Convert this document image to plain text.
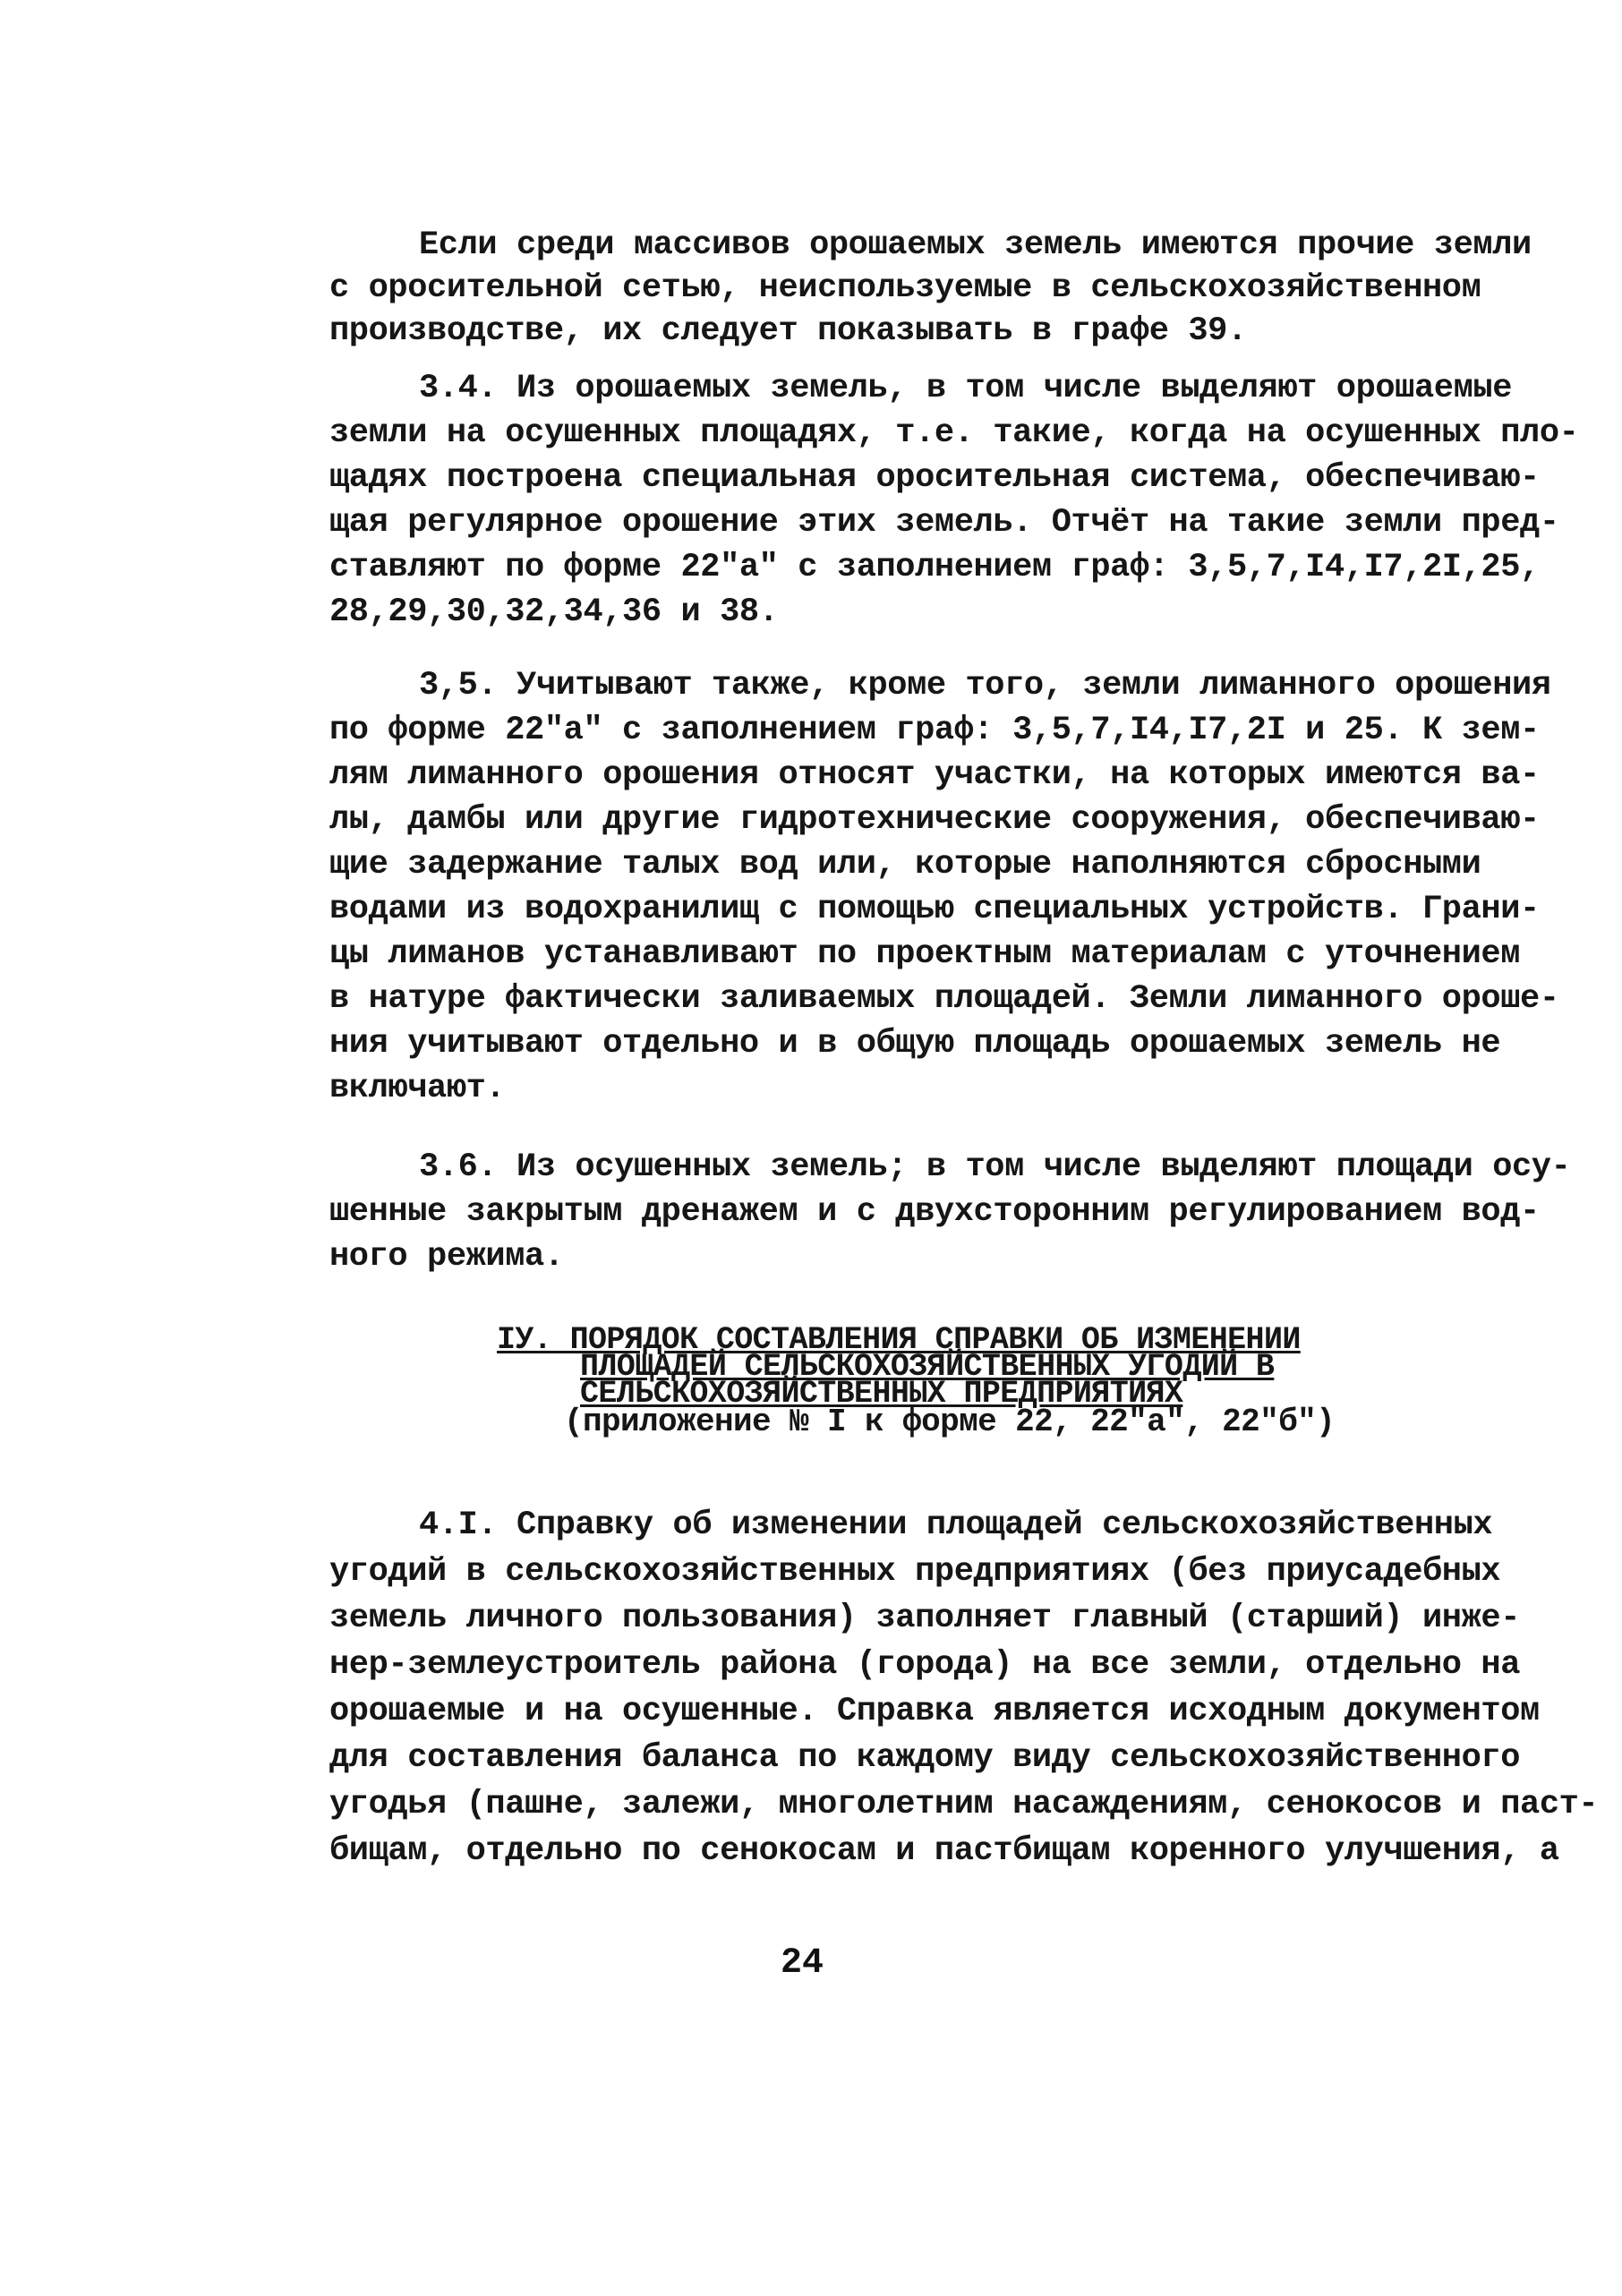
Если среди массивов орошаемых земель имеются прочие земли
с оросительной сетью, неиспользуемые в сельскохозяйственном
производстве, их следует показывать в графе 39.
3.4. Из орошаемых земель, в том числе выделяют орошаемые
земли на осушенных площадях, т.е. такие, когда на осушенных пло-
щадях построена специальная оросительная система, обеспечиваю-
щая регулярное орошение этих земель. Отчёт на такие земли пред-
ставляют по форме 22"а" с заполнением граф: 3,5,7,I4,I7,2I,25,
28,29,30,32,34,36 и 38.
3,5. Учитывают также, кроме того, земли лиманного орошения
по форме 22"а" с заполнением граф: 3,5,7,I4,I7,2I и 25. К зем-
лям лиманного орошения относят участки, на которых имеются ва-
лы, дамбы или другие гидротехнические сооружения, обеспечиваю-
щие задержание талых вод или, которые наполняются сбросными
водами из водохранилищ с помощью специальных устройств. Грани-
цы лиманов устанавливают по проектным материалам с уточнением
в натуре фактически заливаемых площадей. Земли лиманного ороше-
ния учитывают отдельно и в общую площадь орошаемых земель не
включают.
3.6. Из осушенных земель; в том числе выделяют площади осу-
шенные закрытым дренажем и с двухсторонним регулированием вод-
ного режима.
IУ. ПОРЯДОК СОСТАВЛЕНИЯ СПРАВКИ ОБ ИЗМЕНЕНИИ
ПЛОЩАДЕЙ СЕЛЬСКОХОЗЯЙСТВЕННЫХ УГОДИЙ В
СЕЛЬСКОХОЗЯЙСТВЕННЫХ ПРЕДПРИЯТИЯХ
(приложение № I к форме 22, 22"а", 22"б")
4.I. Справку об изменении площадей сельскохозяйственных
угодий в сельскохозяйственных предприятиях (без приусадебных
земель личного пользования) заполняет главный (старший) инже-
нер-землеустроитель района (города) на все земли, отдельно на
орошаемые и на осушенные. Справка является исходным документом
для составления баланса по каждому виду сельскохозяйственного
угодья (пашне, залежи, многолетним насаждениям, сенокосов и паст-
бищам, отдельно по сенокосам и пастбищам коренного улучшения, а
24
